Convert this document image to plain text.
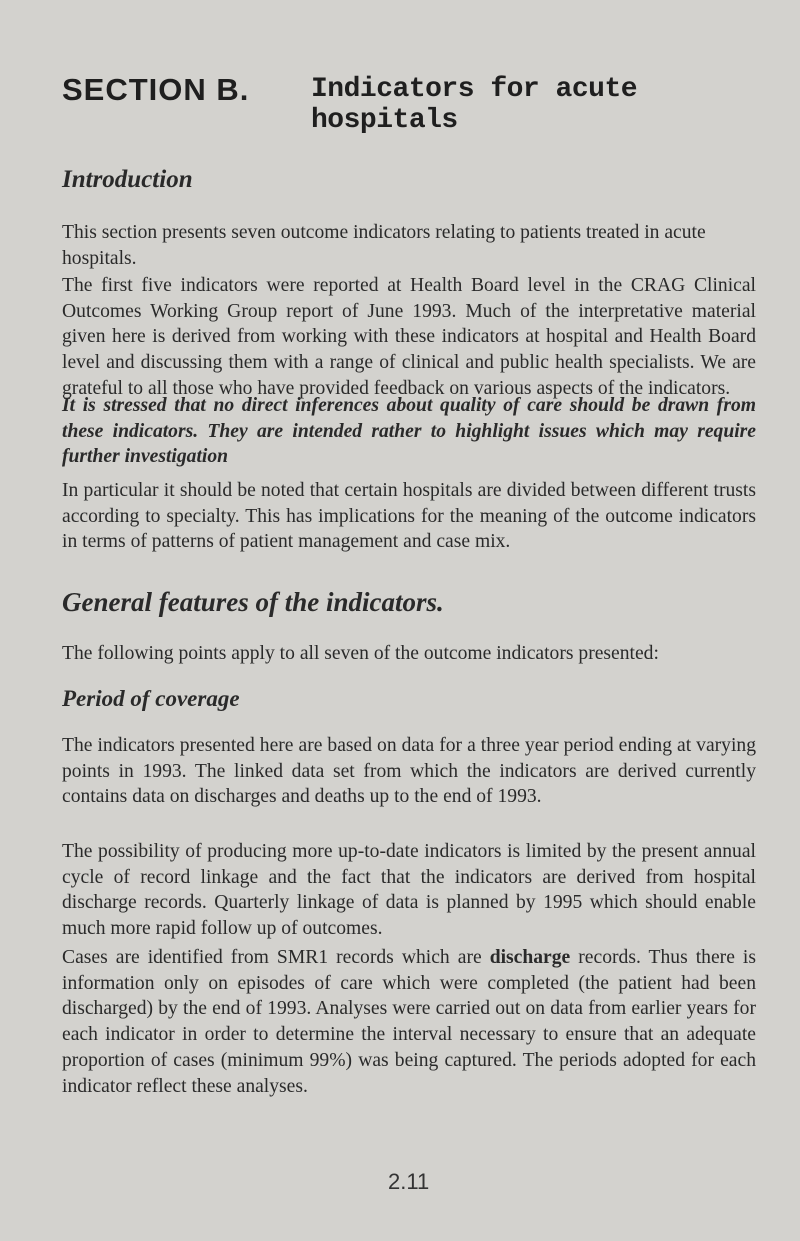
SECTION B. Indicators for acute hospitals
Introduction

This section presents seven outcome indicators relating to patients treated in acute hospitals.

The first five indicators were reported at Health Board level in the CRAG Clinical Outcomes Working Group report of June 1993. Much of the interpretative material given here is derived from working with these indicators at hospital and Health Board level and discussing them with a range of clinical and public health specialists. We are grateful to all those who have provided feedback on various aspects of the indicators.

It is stressed that no direct inferences about quality of care should be drawn from these indicators. They are intended rather to highlight issues which may require further investigation

In particular it should be noted that certain hospitals are divided between different trusts according to specialty. This has implications for the meaning of the outcome indicators in terms of patterns of patient management and case mix.

General features of the indicators.

The following points apply to all seven of the outcome indicators presented:

Period of coverage

The indicators presented here are based on data for a three year period ending at varying points in 1993. The linked data set from which the indicators are derived currently contains data on discharges and deaths up to the end of 1993.

The possibility of producing more up-to-date indicators is limited by the present annual cycle of record linkage and the fact that the indicators are derived from hospital discharge records. Quarterly linkage of data is planned by 1995 which should enable much more rapid follow up of outcomes.

Cases are identified from SMR1 records which are discharge records. Thus there is information only on episodes of care which were completed (the patient had been discharged) by the end of 1993. Analyses were carried out on data from earlier years for each indicator in order to determine the interval necessary to ensure that an adequate proportion of cases (minimum 99%) was being captured. The periods adopted for each indicator reflect these analyses.

2.11
